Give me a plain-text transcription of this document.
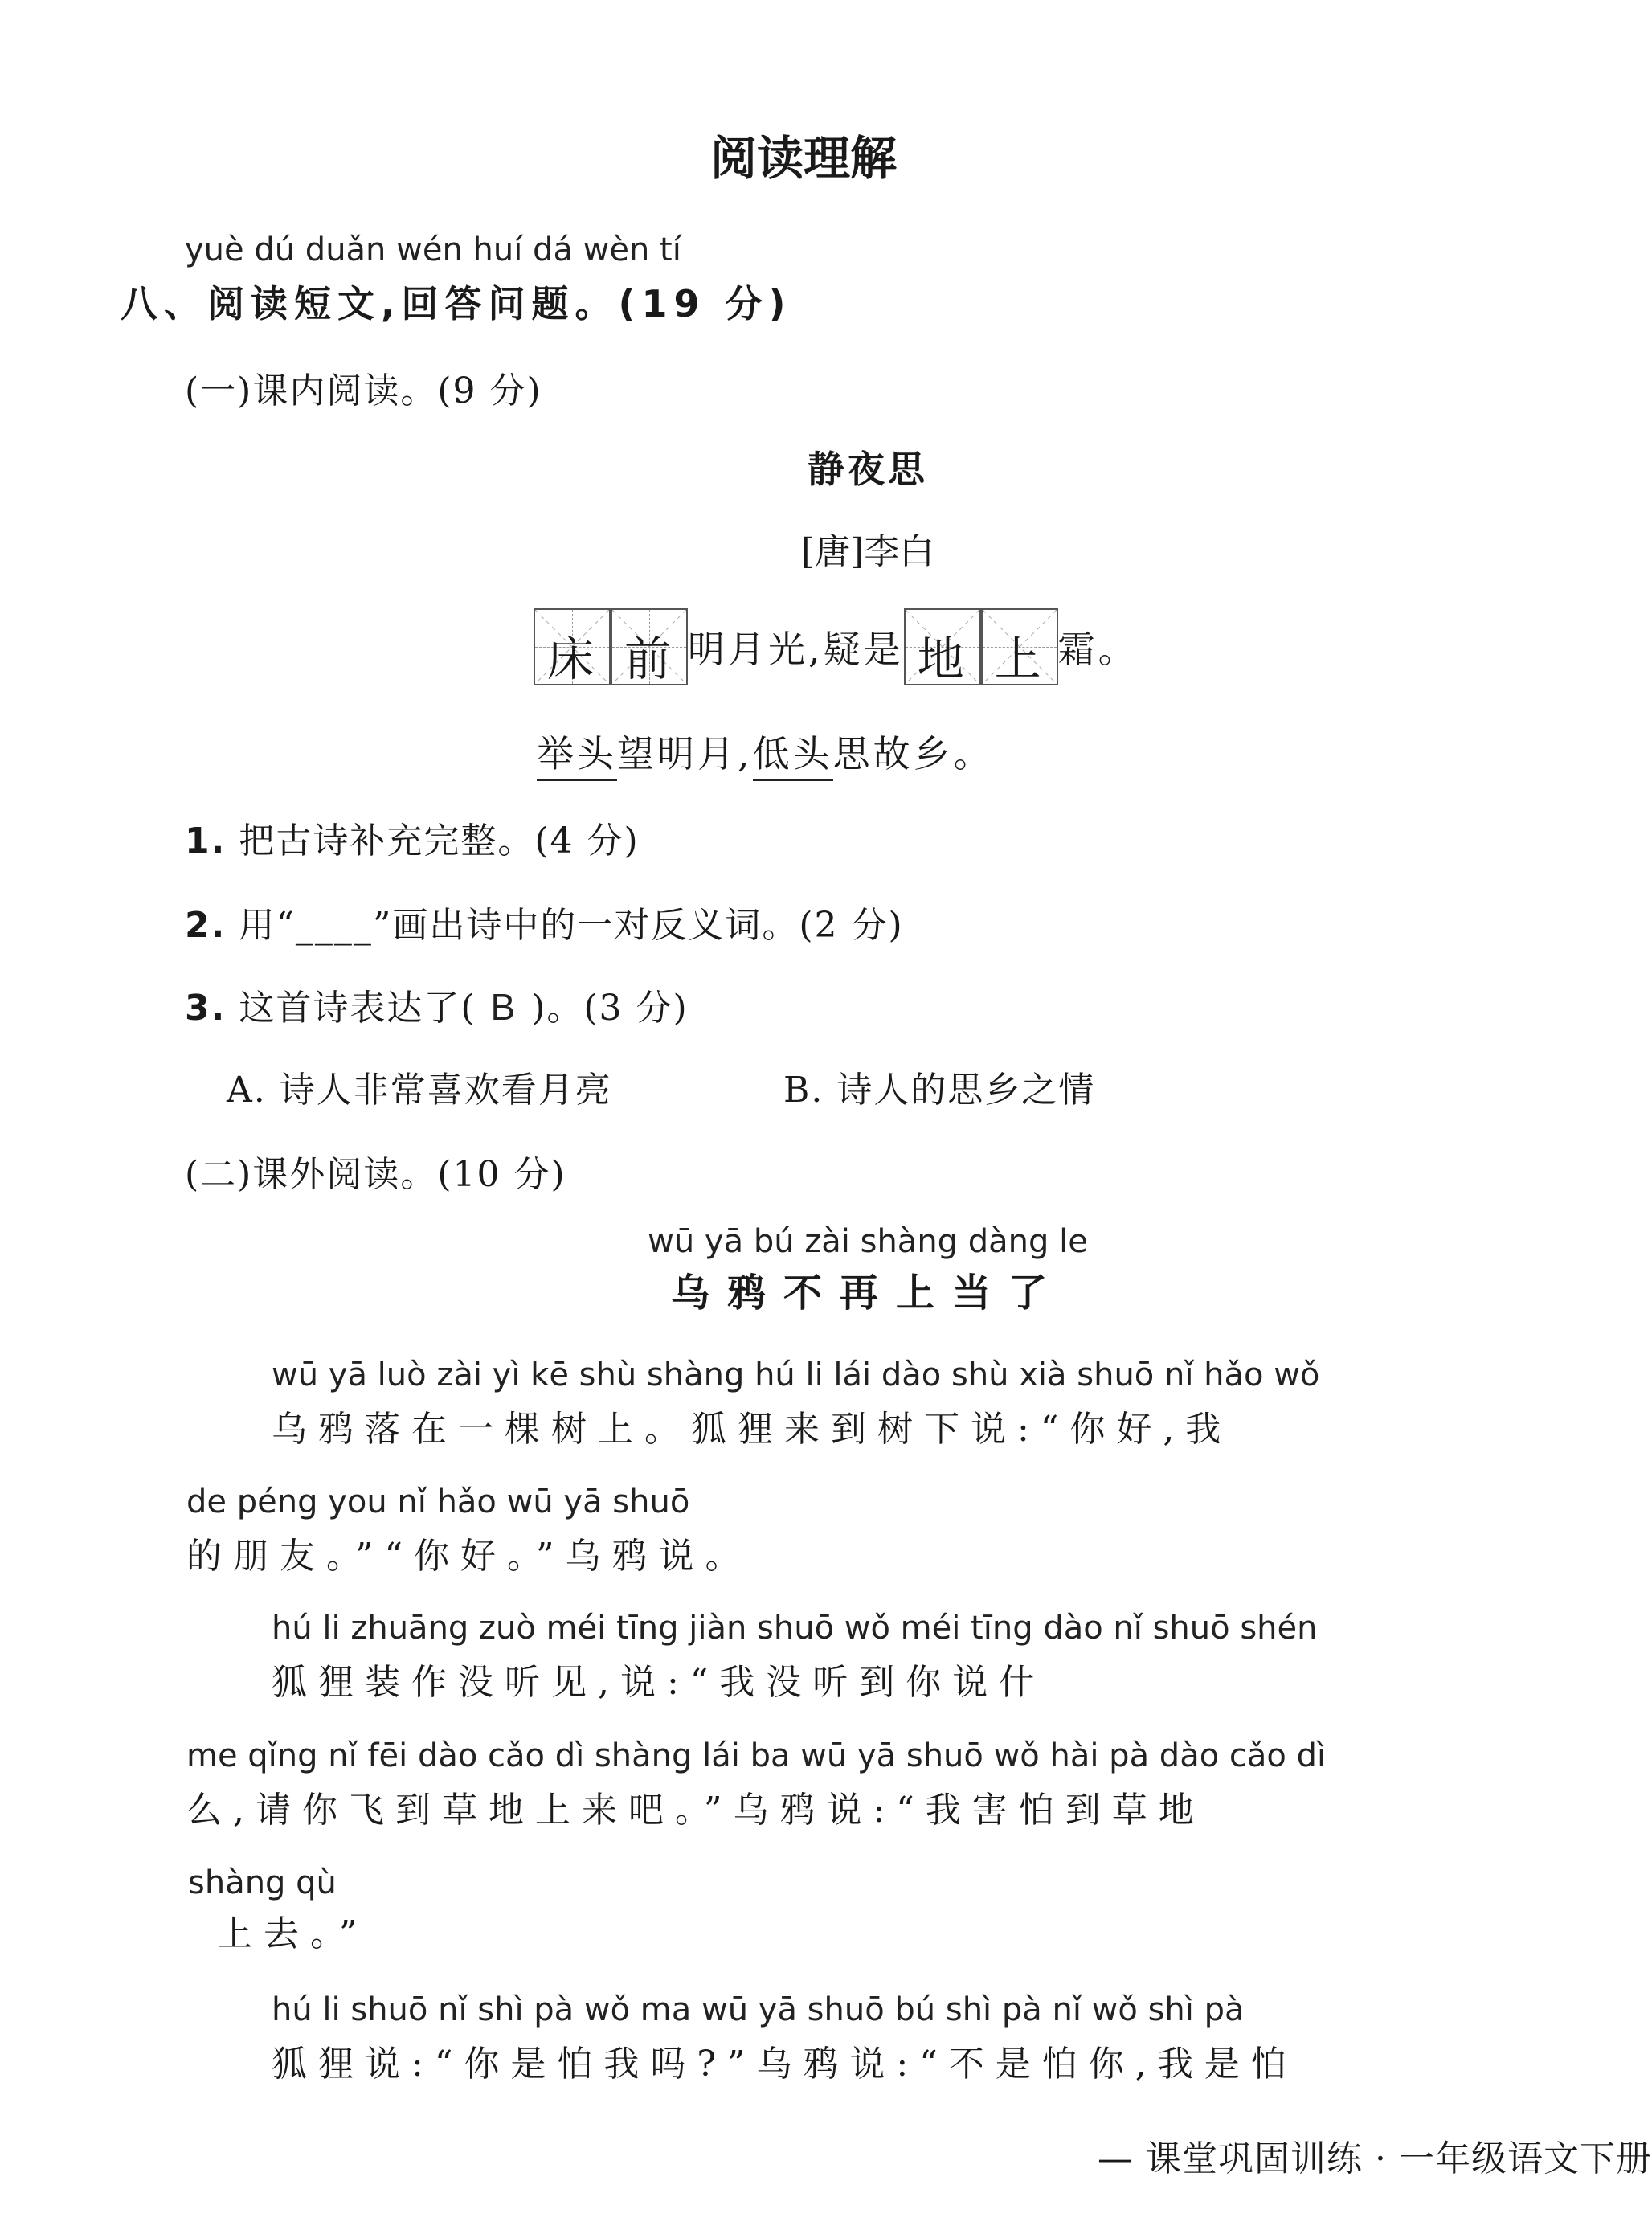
阅读理解
yuè dú duǎn wén huí dá wèn tí
八、阅读短文,回答问题。(19 分)
(一)课内阅读。(9 分)
静夜思
[唐]李白
床 前 明月光,疑是 地 上 霜。
举头望明月,低头思故乡。
1. 把古诗补充完整。(4 分)
2. 用“____”画出诗中的一对反义词。(2 分)
3. 这首诗表达了( B )。(3 分)
A. 诗人非常喜欢看月亮	B. 诗人的思乡之情
(二)课外阅读。(10 分)
wū yā bú zài shàng dàng le
乌鸦不再上当了
wū yā luò zài yì kē shù shàng hú li lái dào shù xià shuō nǐ hǎo wǒ
乌鸦落在一棵树上。狐狸来到树下说:“你好,我
de péng you nǐ hǎo wū yā shuō
的朋友。”“你好。”乌鸦说。
hú li zhuāng zuò méi tīng jiàn shuō wǒ méi tīng dào nǐ shuō shén
狐狸装作没听见,说:“我没听到你说什
me qǐng nǐ fēi dào cǎo dì shàng lái ba wū yā shuō wǒ hài pà dào cǎo dì
么,请你飞到草地上来吧。”乌鸦说:“我害怕到草地
shàng qù
上去。”
hú li shuō nǐ shì pà wǒ ma wū yā shuō bú shì pà nǐ wǒ shì pà
狐狸说:“你是怕我吗?”乌鸦说:“不是怕你,我是怕
— 课堂巩固训练 · 一年级语文下册
